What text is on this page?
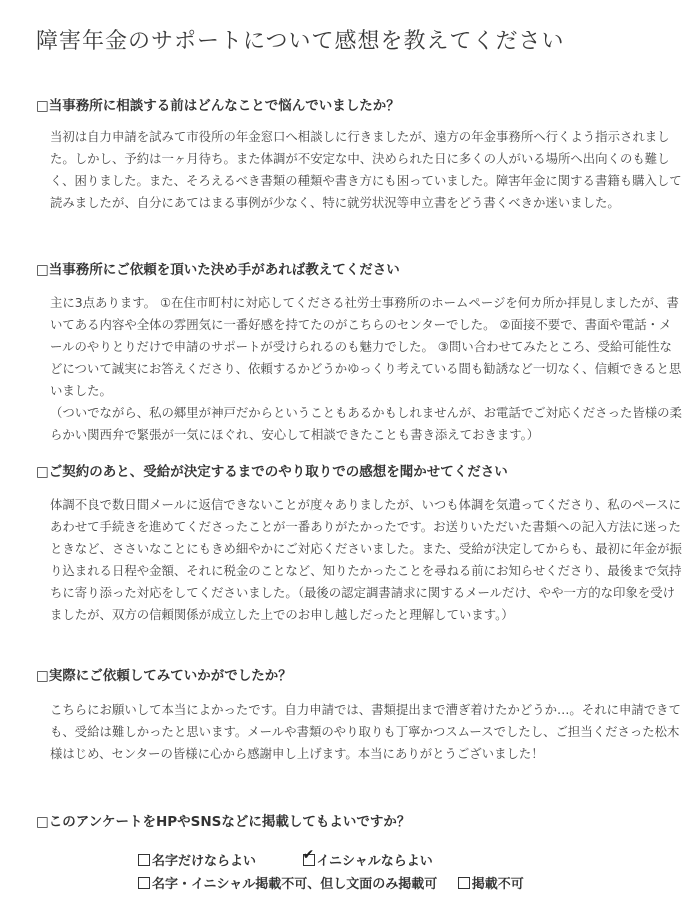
障害年金のサポートについて感想を教えてください
□当事務所に相談する前はどんなことで悩んでいましたか？

当初は自力申請を試みて市役所の年金窓口へ相談しに行きましたが、遠方の年金事務所へ行くよう指示されました。しかし、予約は一ヶ月待ち。また体調が不安定な中、決められた日に多くの人がいる場所へ出向くのも難しく、困りました。また、そろえるべき書類の種類や書き方にも困っていました。障害年金に関する書籍も購入して読みましたが、自分にあてはまる事例が少なく、特に就労状況等申立書をどう書くべきか迷いました。

□当事務所にご依頼を頂いた決め手があれば教えてください

主に3点あります。 ①在住市町村に対応してくださる社労士事務所のホームページを何カ所か拝見しましたが、書いてある内容や全体の雰囲気に一番好感を持てたのがこちらのセンターでした。 ②面接不要で、書面や電話・メールのやりとりだけで申請のサポートが受けられるのも魅力でした。 ③問い合わせてみたところ、受給可能性などについて誠実にお答えくださり、依頼するかどうかゆっくり考えている間も勧誘など一切なく、信頼できると思いました。
（ついでながら、私の郷里が神戸だからということもあるかもしれませんが、お電話でご対応くださった皆様の柔らかい関西弁で緊張が一気にほぐれ、安心して相談できたことも書き添えておきます。）

□ご契約のあと、受給が決定するまでのやり取りでの感想を聞かせてください

体調不良で数日間メールに返信できないことが度々ありましたが、いつも体調を気遣ってくださり、私のペースにあわせて手続きを進めてくださったことが一番ありがたかったです。お送りいただいた書類への記入方法に迷ったときなど、ささいなことにもきめ細やかにご対応くださいました。また、受給が決定してからも、最初に年金が振り込まれる日程や金額、それに税金のことなど、知りたかったことを尋ねる前にお知らせくださり、最後まで気持ちに寄り添った対応をしてくださいました。（最後の認定調書請求に関するメールだけ、やや一方的な印象を受けましたが、双方の信頼関係が成立した上でのお申し越しだったと理解しています。）

□実際にご依頼してみていかがでしたか？

こちらにお願いして本当によかったです。自力申請では、書類提出まで漕ぎ着けたかどうか…。それに申請できても、受給は難しかったと思います。メールや書類のやり取りも丁寧かつスムースでしたし、ご担当くださった松木様はじめ、センターの皆様に心から感謝申し上げます。本当にありがとうございました！

□このアンケートをHPやSNSなどに掲載してもよいですか？
名字だけならよい	✔ イニシャルならよい
名字・イニシャル掲載不可、但し文面のみ掲載可	掲載不可
